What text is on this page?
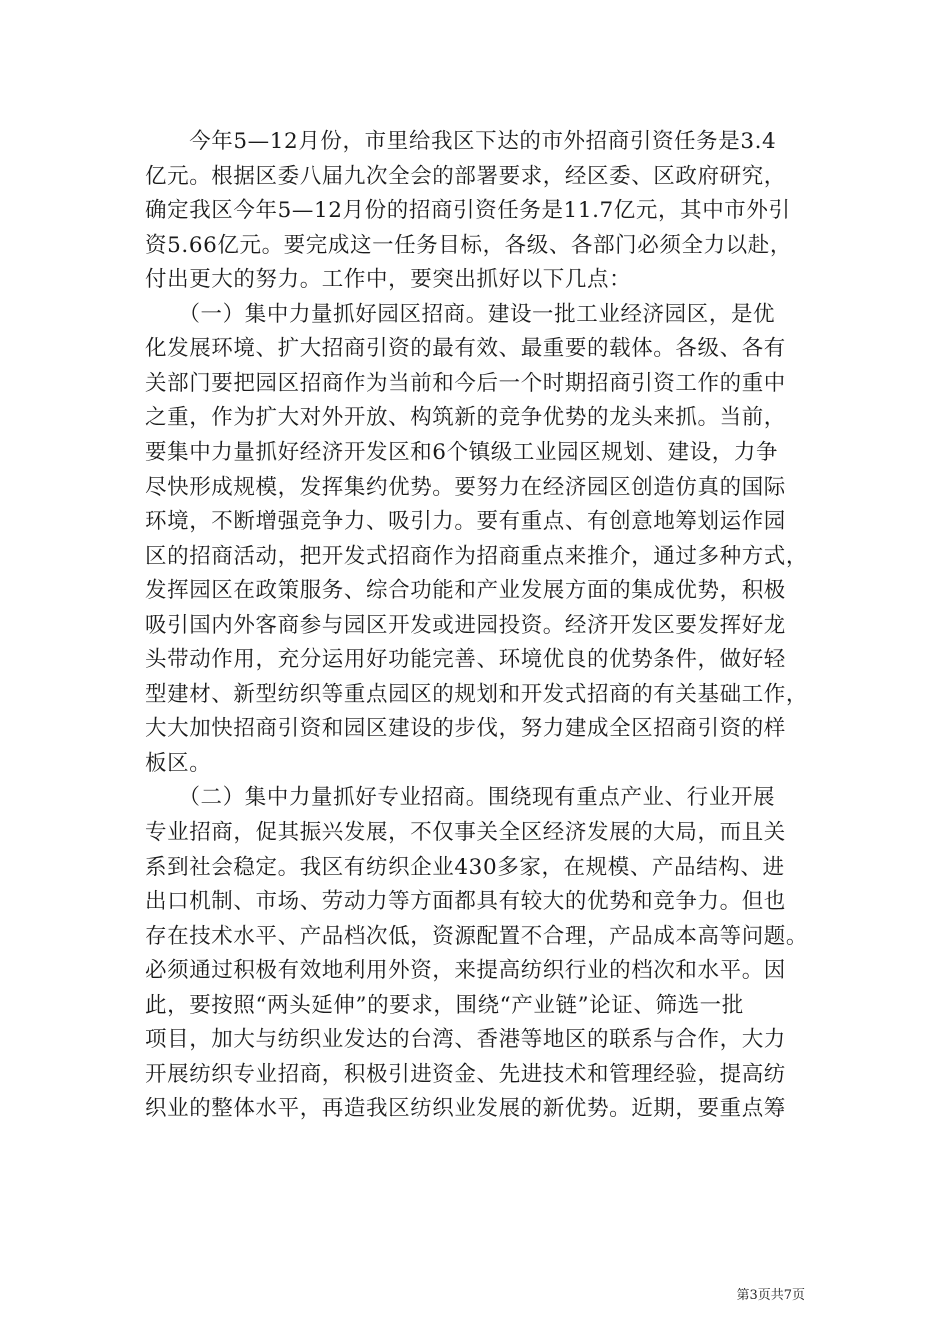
　　今年5—12月份，市里给我区下达的市外招商引资任务是3.4
亿元。根据区委八届九次全会的部署要求，经区委、区政府研究，
确定我区今年5—12月份的招商引资任务是11.7亿元，其中市外引
资5.66亿元。要完成这一任务目标，各级、各部门必须全力以赴，
付出更大的努力。工作中，要突出抓好以下几点：
　　（一）集中力量抓好园区招商。建设一批工业经济园区，是优
化发展环境、扩大招商引资的最有效、最重要的载体。各级、各有
关部门要把园区招商作为当前和今后一个时期招商引资工作的重中
之重，作为扩大对外开放、构筑新的竞争优势的龙头来抓。当前，
要集中力量抓好经济开发区和6个镇级工业园区规划、建设，力争
尽快形成规模，发挥集约优势。要努力在经济园区创造仿真的国际
环境，不断增强竞争力、吸引力。要有重点、有创意地筹划运作园
区的招商活动，把开发式招商作为招商重点来推介，通过多种方式，
发挥园区在政策服务、综合功能和产业发展方面的集成优势，积极
吸引国内外客商参与园区开发或进园投资。经济开发区要发挥好龙
头带动作用，充分运用好功能完善、环境优良的优势条件，做好轻
型建材、新型纺织等重点园区的规划和开发式招商的有关基础工作，
大大加快招商引资和园区建设的步伐，努力建成全区招商引资的样
板区。
　　（二）集中力量抓好专业招商。围绕现有重点产业、行业开展
专业招商，促其振兴发展，不仅事关全区经济发展的大局，而且关
系到社会稳定。我区有纺织企业430多家，在规模、产品结构、进
出口机制、市场、劳动力等方面都具有较大的优势和竞争力。但也
存在技术水平、产品档次低，资源配置不合理，产品成本高等问题。
必须通过积极有效地利用外资，来提高纺织行业的档次和水平。因
此，要按照“两头延伸”的要求，围绕“产业链”论证、筛选一批
项目，加大与纺织业发达的台湾、香港等地区的联系与合作，大力
开展纺织专业招商，积极引进资金、先进技术和管理经验，提高纺
织业的整体水平，再造我区纺织业发展的新优势。近期，要重点筹
第3页共7页
